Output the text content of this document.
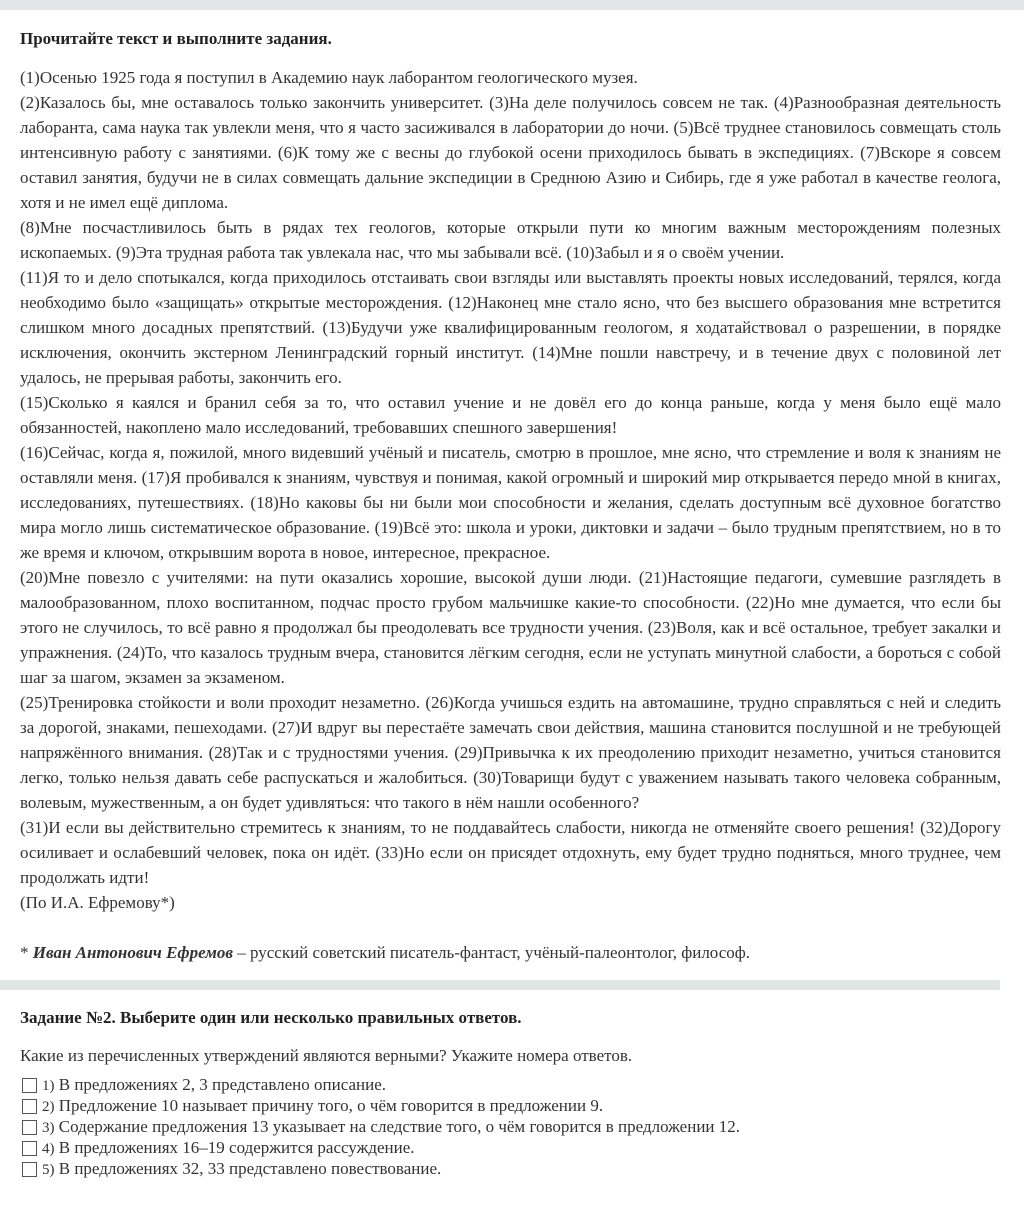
Прочитайте текст и выполните задания.

(1)Осенью 1925 года я поступил в Академию наук лаборантом геологического музея.

(2)Казалось бы, мне оставалось только закончить университет. (3)На деле получилось совсем не так. (4)Разнообразная деятельность лаборанта, сама наука так увлекли меня, что я часто засиживался в лаборатории до ночи. (5)Всё труднее становилось совмещать столь интенсивную работу с занятиями. (6)К тому же с весны до глубокой осени приходилось бывать в экспедициях. (7)Вскоре я совсем оставил занятия, будучи не в силах совмещать дальние экспедиции в Среднюю Азию и Сибирь, где я уже работал в качестве геолога, хотя и не имел ещё диплома.

(8)Мне посчастливилось быть в рядах тех геологов, которые открыли пути ко многим важным месторождениям полезных ископаемых. (9)Эта трудная работа так увлекала нас, что мы забывали всё. (10)Забыл и я о своём учении.

(11)Я то и дело спотыкался, когда приходилось отстаивать свои взгляды или выставлять проекты новых исследований, терялся, когда необходимо было «защищать» открытые месторождения. (12)Наконец мне стало ясно, что без высшего образования мне встретится слишком много досадных препятствий. (13)Будучи уже квалифицированным геологом, я ходатайствовал о разрешении, в порядке исключения, окончить экстерном Ленинградский горный институт. (14)Мне пошли навстречу, и в течение двух с половиной лет удалось, не прерывая работы, закончить его.

(15)Сколько я каялся и бранил себя за то, что оставил учение и не довёл его до конца раньше, когда у меня было ещё мало обязанностей, накоплено мало исследований, требовавших спешного завершения!

(16)Сейчас, когда я, пожилой, много видевший учёный и писатель, смотрю в прошлое, мне ясно, что стремление и воля к знаниям не оставляли меня. (17)Я пробивался к знаниям, чувствуя и понимая, какой огромный и широкий мир открывается передо мной в книгах, исследованиях, путешествиях. (18)Но каковы бы ни были мои способности и желания, сделать доступным всё духовное богатство мира могло лишь систематическое образование. (19)Всё это: школа и уроки, диктовки и задачи – было трудным препятствием, но в то же время и ключом, открывшим ворота в новое, интересное, прекрасное.

(20)Мне повезло с учителями: на пути оказались хорошие, высокой души люди. (21)Настоящие педагоги, сумевшие разглядеть в малообразованном, плохо воспитанном, подчас просто грубом мальчишке какие-то способности. (22)Но мне думается, что если бы этого не случилось, то всё равно я продолжал бы преодолевать все трудности учения. (23)Воля, как и всё остальное, требует закалки и упражнения. (24)То, что казалось трудным вчера, становится лёгким сегодня, если не уступать минутной слабости, а бороться с собой шаг за шагом, экзамен за экзаменом.

(25)Тренировка стойкости и воли проходит незаметно. (26)Когда учишься ездить на автомашине, трудно справляться с ней и следить за дорогой, знаками, пешеходами. (27)И вдруг вы перестаёте замечать свои действия, машина становится послушной и не требующей напряжённого внимания. (28)Так и с трудностями учения. (29)Привычка к их преодолению приходит незаметно, учиться становится легко, только нельзя давать себе распускаться и жалобиться. (30)Товарищи будут с уважением называть такого человека собранным, волевым, мужественным, а он будет удивляться: что такого в нём нашли особенного?

(31)И если вы действительно стремитесь к знаниям, то не поддавайтесь слабости, никогда не отменяйте своего решения! (32)Дорогу осиливает и ослабевший человек, пока он идёт. (33)Но если он присядет отдохнуть, ему будет трудно подняться, много труднее, чем продолжать идти!

(По И.А. Ефремову*)

* Иван Антонович Ефремов – русский советский писатель-фантаст, учёный-палеонтолог, философ.
Задание №2. Выберите один или несколько правильных ответов.
Какие из перечисленных утверждений являются верными? Укажите номера ответов.
1) В предложениях 2, 3 представлено описание.
2) Предложение 10 называет причину того, о чём говорится в предложении 9.
3) Содержание предложения 13 указывает на следствие того, о чём говорится в предложении 12.
4) В предложениях 16–19 содержится рассуждение.
5) В предложениях 32, 33 представлено повествование.
